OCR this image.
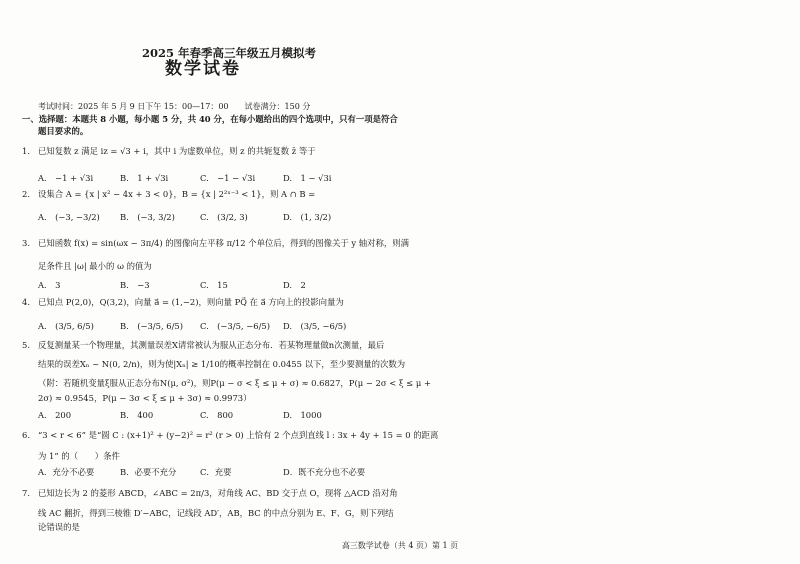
2025 年春季高三年级五月模拟考
数学试卷
考试时间：2025 年 5 月 9 日下午 15：00—17：00　　试卷满分：150 分
一、选择题：本题共 8 小题，每小题 5 分，共 40 分，在每小题给出的四个选项中，只有一项是符合
题目要求的。
1. 已知复数 z 满足 iz = √3 + i，其中 i 为虚数单位，则 z 的共轭复数 z̄ 等于
A.　−1 + √3i	B.　1 + √3i	C.　−1 − √3i	D.　1 − √3i
2. 设集合 A = {x | x² − 4x + 3 < 0}，B = {x | 2²ˣ⁻³ < 1}，则 A ∩ B =
A.　(−3, −3/2) B.　(−3, 3/2)	C.　(3/2, 3)	D.　(1, 3/2)
3. 已知函数 f(x) = sin(ωx − 3π/4) 的图像向左平移 π/12 个单位后，得到的图像关于 y 轴对称，则满
足条件且 |ω| 最小的 ω 的值为
A.　3	B.　−3	C.　15	D.　2
4. 已知点 P(2,0)，Q(3,2)，向量 a⃗ = (1,−2)，则向量 PQ⃗ 在 a⃗ 方向上的投影向量为
A.　(3/5, 6/5)	B.　(−3/5, 6/5) C.　(−3/5, −6/5) D.　(3/5, −6/5)
5. 反复测量某一个物理量，其测量误差X请常被认为服从正态分布．若某物理量做n次测量，最后
结果的误差Xₙ ~ N(0, 2/n)，则为使|Xₙ| ≥ 1/10的概率控制在 0.0455 以下，至少要测量的次数为
（附：若随机变量ξ服从正态分布N(μ, σ²)，则P(μ − σ < ξ ≤ μ + σ) ≈ 0.6827，P(μ − 2σ < ξ ≤ μ +
2σ) ≈ 0.9545，P(μ − 3σ < ξ ≤ μ + 3σ) ≈ 0.9973）
A.　200	B.　400	C.　800	D.　1000
6. “3 < r < 6” 是“圆 C : (x+1)² + (y−2)² = r² (r > 0) 上恰有 2 个点到直线 l : 3x + 4y + 15 = 0 的距离
为 1” 的（　　）条件
A．充分不必要	B．必要不充分	C．充要	D．既不充分也不必要
7. 已知边长为 2 的菱形 ABCD，∠ABC = 2π/3，对角线 AC、BD 交于点 O，现将 △ACD 沿对角
线 AC 翻折，得到三棱锥 D′−ABC，记线段 AD′，AB，BC 的中点分别为 E、F、G，则下列结
论错误的是
高三数学试卷（共 4 页）第 1 页
